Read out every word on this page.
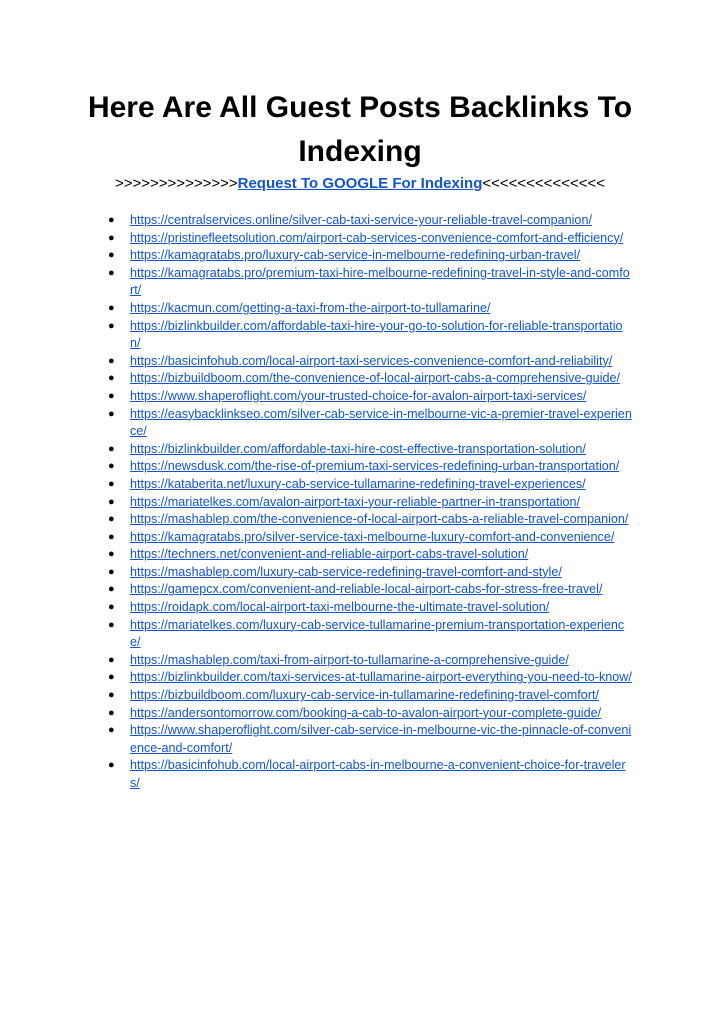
Here Are All Guest Posts Backlinks To Indexing
>>>>>>>>>>>>>>Request To GOOGLE For Indexing<<<<<<<<<<<<<<
● https://centralservices.online/silver-cab-taxi-service-your-reliable-travel-companion/
● https://pristinefleetsolution.com/airport-cab-services-convenience-comfort-and-efficiency/
● https://kamagratabs.pro/luxury-cab-service-in-melbourne-redefining-urban-travel/
● https://kamagratabs.pro/premium-taxi-hire-melbourne-redefining-travel-in-style-and-comfort/
● https://kacmun.com/getting-a-taxi-from-the-airport-to-tullamarine/
● https://bizlinkbuilder.com/affordable-taxi-hire-your-go-to-solution-for-reliable-transportation/
● https://basicinfohub.com/local-airport-taxi-services-convenience-comfort-and-reliability/
● https://bizbuildboom.com/the-convenience-of-local-airport-cabs-a-comprehensive-guide/
● https://www.shaperoflight.com/your-trusted-choice-for-avalon-airport-taxi-services/
● https://easybacklinkseo.com/silver-cab-service-in-melbourne-vic-a-premier-travel-experience/
● https://bizlinkbuilder.com/affordable-taxi-hire-cost-effective-transportation-solution/
● https://newsdusk.com/the-rise-of-premium-taxi-services-redefining-urban-transportation/
● https://kataberita.net/luxury-cab-service-tullamarine-redefining-travel-experiences/
● https://mariatelkes.com/avalon-airport-taxi-your-reliable-partner-in-transportation/
● https://mashablep.com/the-convenience-of-local-airport-cabs-a-reliable-travel-companion/
● https://kamagratabs.pro/silver-service-taxi-melbourne-luxury-comfort-and-convenience/
● https://techners.net/convenient-and-reliable-airport-cabs-travel-solution/
● https://mashablep.com/luxury-cab-service-redefining-travel-comfort-and-style/
● https://gamepcx.com/convenient-and-reliable-local-airport-cabs-for-stress-free-travel/
● https://roidapk.com/local-airport-taxi-melbourne-the-ultimate-travel-solution/
● https://mariatelkes.com/luxury-cab-service-tullamarine-premium-transportation-experience/
● https://mashablep.com/taxi-from-airport-to-tullamarine-a-comprehensive-guide/
● https://bizlinkbuilder.com/taxi-services-at-tullamarine-airport-everything-you-need-to-know/
● https://bizbuildboom.com/luxury-cab-service-in-tullamarine-redefining-travel-comfort/
● https://andersontomorrow.com/booking-a-cab-to-avalon-airport-your-complete-guide/
● https://www.shaperoflight.com/silver-cab-service-in-melbourne-vic-the-pinnacle-of-convenience-and-comfort/
● https://basicinfohub.com/local-airport-cabs-in-melbourne-a-convenient-choice-for-travelers/
